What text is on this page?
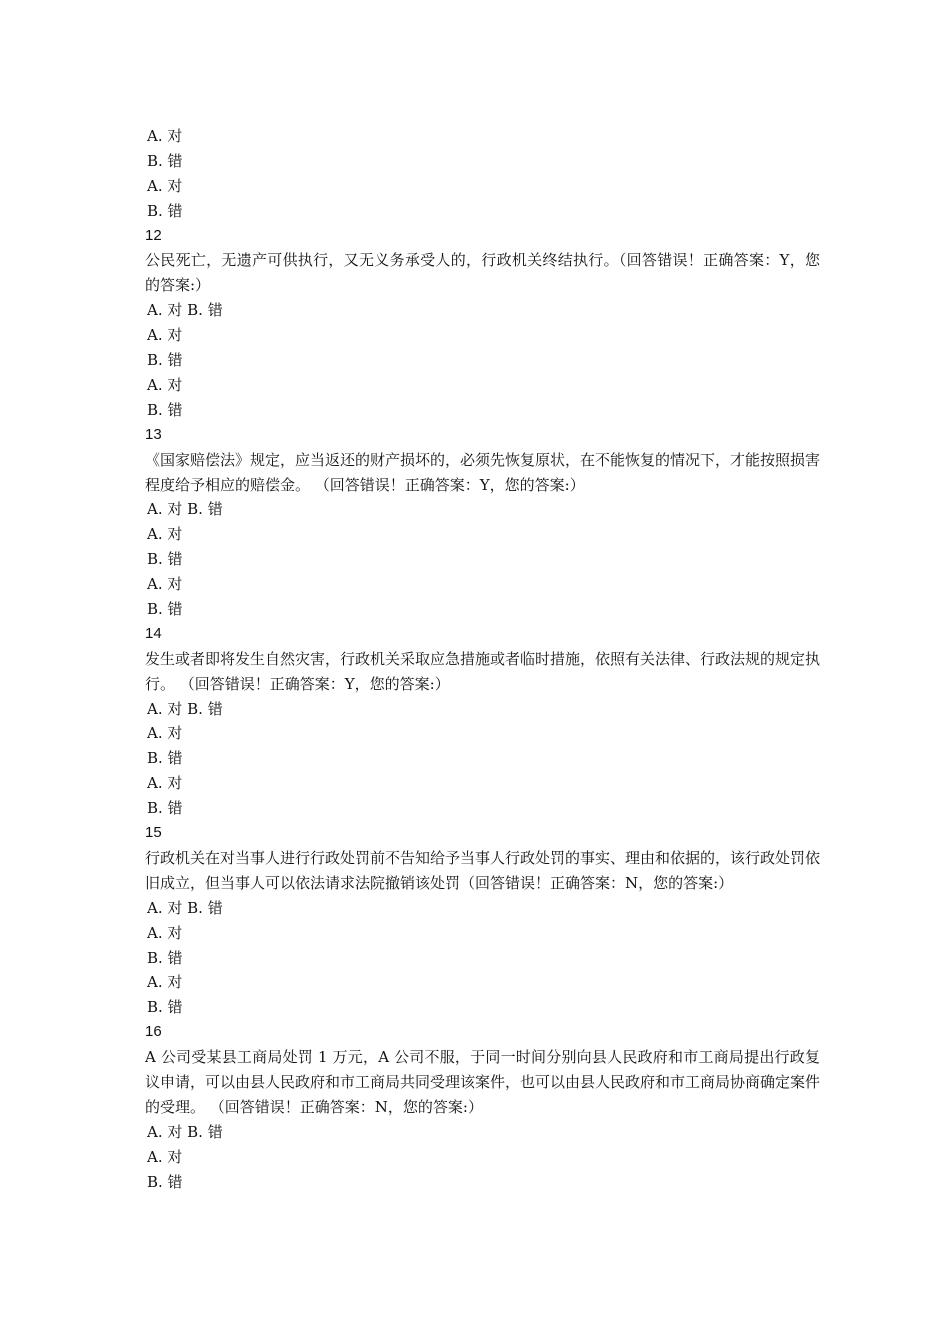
A. 对
B. 错
A. 对
B. 错
12
公民死亡，无遗产可供执行，又无义务承受人的，行政机关终结执行。（回答错误！正确答案：Y，您的答案:）
A. 对 B. 错
A. 对
B. 错
A. 对
B. 错
13
《国家赔偿法》规定，应当返还的财产损坏的，必须先恢复原状，在不能恢复的情况下，才能按照损害程度给予相应的赔偿金。 （回答错误！正确答案：Y，您的答案:）
A. 对 B. 错
A. 对
B. 错
A. 对
B. 错
14
发生或者即将发生自然灾害，行政机关采取应急措施或者临时措施，依照有关法律、行政法规的规定执行。 （回答错误！正确答案：Y，您的答案:）
A. 对 B. 错
A. 对
B. 错
A. 对
B. 错
15
行政机关在对当事人进行行政处罚前不告知给予当事人行政处罚的事实、理由和依据的，该行政处罚依旧成立，但当事人可以依法请求法院撤销该处罚（回答错误！正确答案：N，您的答案:）
A. 对 B. 错
A. 对
B. 错
A. 对
B. 错
16
A 公司受某县工商局处罚 1 万元，A 公司不服，于同一时间分别向县人民政府和市工商局提出行政复议申请，可以由县人民政府和市工商局共同受理该案件，也可以由县人民政府和市工商局协商确定案件的受理。 （回答错误！正确答案：N，您的答案:）
A. 对 B. 错
A. 对
B. 错
